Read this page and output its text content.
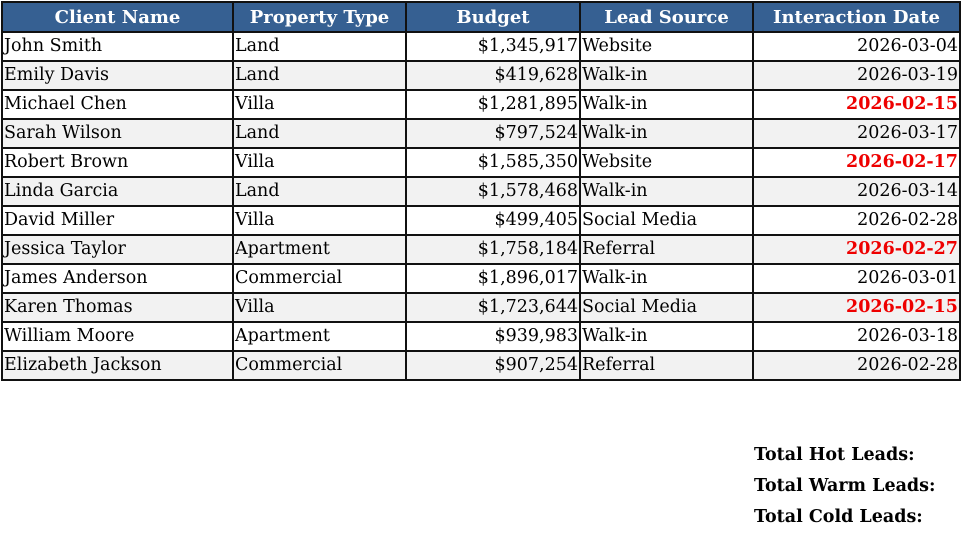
Client Name	Property Type	Budget	Lead Source	Interaction Date
John Smith	Land	$1,345,917	Website	2026-03-04
Emily Davis	Land	$419,628	Walk-in	2026-03-19
Michael Chen	Villa	$1,281,895	Walk-in	2026-02-15
Sarah Wilson	Land	$797,524	Walk-in	2026-03-17
Robert Brown	Villa	$1,585,350	Website	2026-02-17
Linda Garcia	Land	$1,578,468	Walk-in	2026-03-14
David Miller	Villa	$499,405	Social Media	2026-02-28
Jessica Taylor	Apartment	$1,758,184	Referral	2026-02-27
James Anderson	Commercial	$1,896,017	Walk-in	2026-03-01
Karen Thomas	Villa	$1,723,644	Social Media	2026-02-15
William Moore	Apartment	$939,983	Walk-in	2026-03-18
Elizabeth Jackson	Commercial	$907,254	Referral	2026-02-28
Total Hot Leads:
Total Warm Leads:
Total Cold Leads:
